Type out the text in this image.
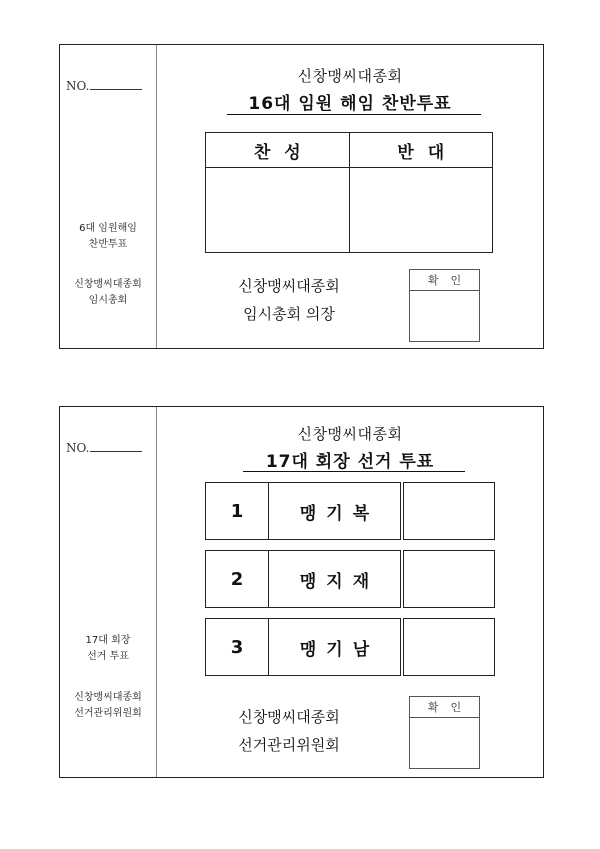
NO.
6대 임원해임
찬반투표
신창맹씨대종회
임시총회
신창맹씨대종회
16대 임원 해임 찬반투표
찬성	반대

신창맹씨대종회
임시총회 의장
확인
NO.
17대 회장
선거 투표
신창맹씨대종회
선거관리위원회
신창맹씨대종회
17대 회장 선거 투표
1	맹기복
2	맹지재
3	맹기남
신창맹씨대종회
선거관리위원회
확인
